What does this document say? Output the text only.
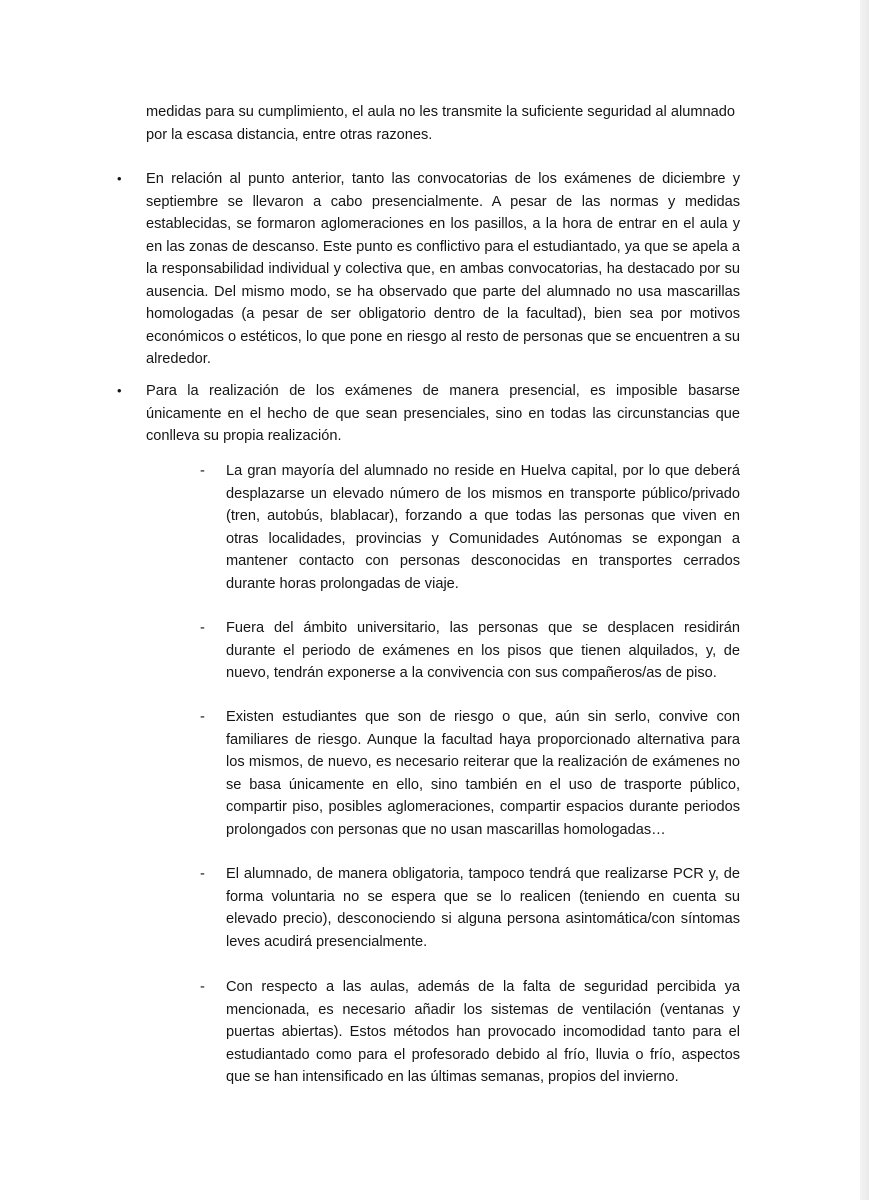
medidas para su cumplimiento, el aula no les transmite la suficiente seguridad al alumnado por la escasa distancia, entre otras razones.

• En relación al punto anterior, tanto las convocatorias de los exámenes de diciembre y septiembre se llevaron a cabo presencialmente. A pesar de las normas y medidas establecidas, se formaron aglomeraciones en los pasillos, a la hora de entrar en el aula y en las zonas de descanso. Este punto es conflictivo para el estudiantado, ya que se apela a la responsabilidad individual y colectiva que, en ambas convocatorias, ha destacado por su ausencia. Del mismo modo, se ha observado que parte del alumnado no usa mascarillas homologadas (a pesar de ser obligatorio dentro de la facultad), bien sea por motivos económicos o estéticos, lo que pone en riesgo al resto de personas que se encuentren a su alrededor.

• Para la realización de los exámenes de manera presencial, es imposible basarse únicamente en el hecho de que sean presenciales, sino en todas las circunstancias que conlleva su propia realización.

- La gran mayoría del alumnado no reside en Huelva capital, por lo que deberá desplazarse un elevado número de los mismos en transporte público/privado (tren, autobús, blablacar), forzando a que todas las personas que viven en otras localidades, provincias y Comunidades Autónomas se expongan a mantener contacto con personas desconocidas en transportes cerrados durante horas prolongadas de viaje.

- Fuera del ámbito universitario, las personas que se desplacen residirán durante el periodo de exámenes en los pisos que tienen alquilados, y, de nuevo, tendrán exponerse a la convivencia con sus compañeros/as de piso.

- Existen estudiantes que son de riesgo o que, aún sin serlo, convive con familiares de riesgo. Aunque la facultad haya proporcionado alternativa para los mismos, de nuevo, es necesario reiterar que la realización de exámenes no se basa únicamente en ello, sino también en el uso de trasporte público, compartir piso, posibles aglomeraciones, compartir espacios durante periodos prolongados con personas que no usan mascarillas homologadas…

- El alumnado, de manera obligatoria, tampoco tendrá que realizarse PCR y, de forma voluntaria no se espera que se lo realicen (teniendo en cuenta su elevado precio), desconociendo si alguna persona asintomática/con síntomas leves acudirá presencialmente.

- Con respecto a las aulas, además de la falta de seguridad percibida ya mencionada, es necesario añadir los sistemas de ventilación (ventanas y puertas abiertas). Estos métodos han provocado incomodidad tanto para el estudiantado como para el profesorado debido al frío, lluvia o frío, aspectos que se han intensificado en las últimas semanas, propios del invierno.
